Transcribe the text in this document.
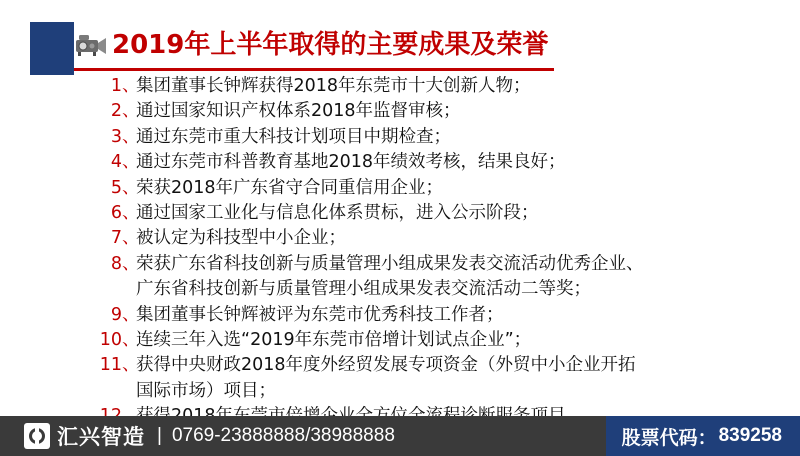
2019年上半年取得的主要成果及荣誉
1 、
集团董事长钟辉获得2018年东莞市十大创新人物；
2 、
通过国家知识产权体系2018年监督审核；
3 、
通过东莞市重大科技计划项目中期检查；
4 、
通过东莞市科普教育基地2018年绩效考核，结果良好；
5 、
荣获2018年广东省守合同重信用企业；
6 、
通过国家工业化与信息化体系贯标，进入公示阶段；
7 、
被认定为科技型中小企业；
8 、
荣获广东省科技创新与质量管理小组成果发表交流活动优秀企业、
广东省科技创新与质量管理小组成果发表交流活动二等奖；
9 、
集团董事长钟辉被评为东莞市优秀科技工作者；
10 、
连续三年入选“2019年东莞市倍增计划试点企业”；
11 、
获得中央财政2018年度外经贸发展专项资金（外贸中小企业开拓
国际市场）项目；
汇兴智造 | 0769-23888888/38988888	股票代码： 839258
